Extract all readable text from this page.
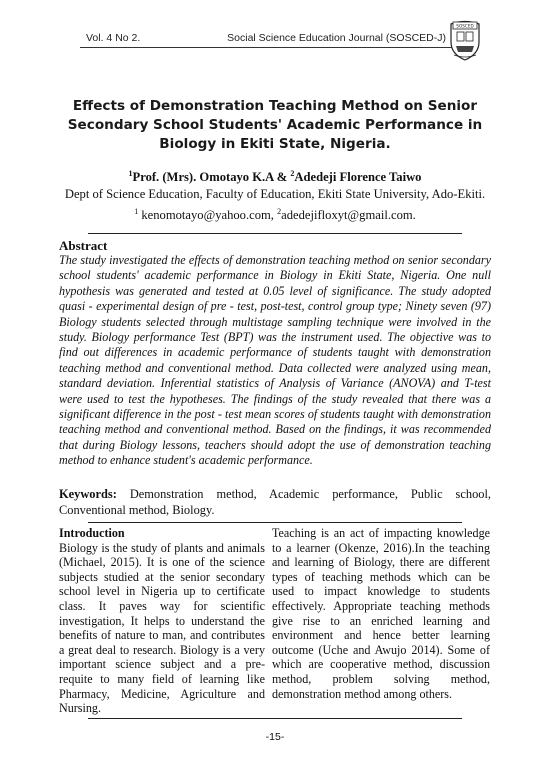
Vol. 4 No 2.	Social Science Education Journal (SOSCED-J)
SOSCED
Effects of Demonstration Teaching Method on Senior Secondary School Students' Academic Performance in Biology in Ekiti State, Nigeria.
$^1$Prof. (Mrs). Omotayo K.A & $^2$Adedeji Florence Taiwo
Dept of Science Education, Faculty of Education, Ekiti State University, Ado-Ekiti.
$^1$ kenomotayo@yahoo.com, $^2$adedejifloxyt@gmail.com.
Abstract
The study investigated the effects of demonstration teaching method on senior secondary school students' academic performance in Biology in Ekiti State, Nigeria. One null hypothesis was generated and tested at 0.05 level of significance. The study adopted quasi - experimental design of pre - test, post-test, control group type; Ninety seven (97) Biology students selected through multistage sampling technique were involved in the study. Biology performance Test (BPT) was the instrument used. The objective was to find out differences in academic performance of students taught with demonstration teaching method and conventional method. Data collected were analyzed using mean, standard deviation. Inferential statistics of Analysis of Variance (ANOVA) and T-test were used to test the hypotheses. The findings of the study revealed that there was a significant difference in the post - test mean scores of students taught with demonstration teaching method and conventional method. Based on the findings, it was recommended that during Biology lessons, teachers should adopt the use of demonstration teaching method to enhance student's academic performance.
Keywords: Demonstration method, Academic performance, Public school, Conventional method, Biology.
Introduction
Biology is the study of plants and animals (Michael, 2015). It is one of the science subjects studied at the senior secondary school level in Nigeria up to certificate class. It paves way for scientific investigation, It helps to understand the benefits of nature to man, and contributes a great deal to research. Biology is a very important science subject and a pre-requite to many field of learning like Pharmacy, Medicine, Agriculture and Nursing.
Teaching is an act of impacting knowledge to a learner (Okenze, 2016).In the teaching and learning of Biology, there are different types of teaching methods which can be used to impact knowledge to students effectively. Appropriate teaching methods give rise to an enriched learning and environment and hence better learning outcome (Uche and Awujo 2014). Some of which are cooperative method, discussion method, problem solving method, demonstration method among others.
-15-
